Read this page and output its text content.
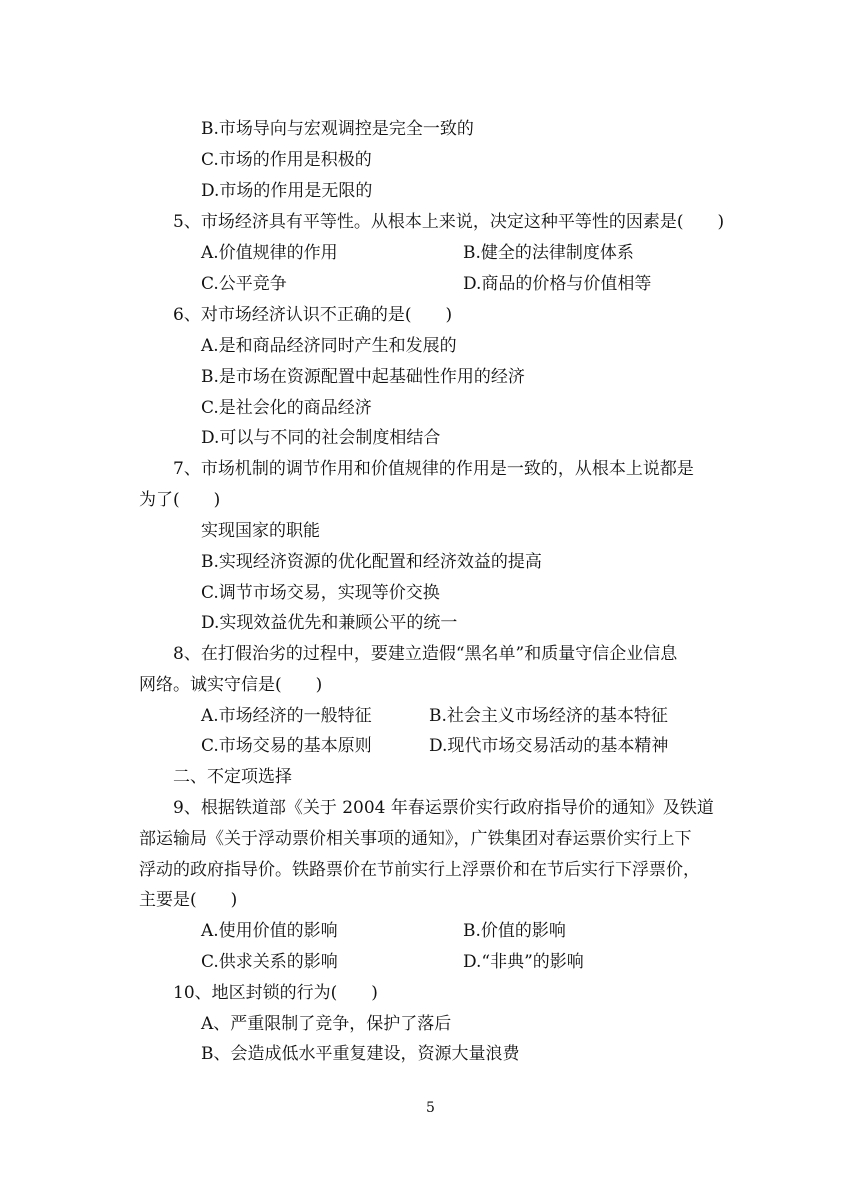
B.市场导向与宏观调控是完全一致的
C.市场的作用是积极的
D.市场的作用是无限的
5、市场经济具有平等性。从根本上来说，决定这种平等性的因素是(　　)
A.价值规律的作用	B.健全的法律制度体系
C.公平竞争	D.商品的价格与价值相等
6、对市场经济认识不正确的是(　　)
A.是和商品经济同时产生和发展的
B.是市场在资源配置中起基础性作用的经济
C.是社会化的商品经济
D.可以与不同的社会制度相结合
7、市场机制的调节作用和价值规律的作用是一致的，从根本上说都是
为了(　　)
实现国家的职能
B.实现经济资源的优化配置和经济效益的提高
C.调节市场交易，实现等价交换
D.实现效益优先和兼顾公平的统一
8、在打假治劣的过程中，要建立造假“黑名单”和质量守信企业信息
网络。诚实守信是(　　)
A.市场经济的一般特征	B.社会主义市场经济的基本特征
C.市场交易的基本原则	D.现代市场交易活动的基本精神
二、不定项选择
9、根据铁道部《关于 2004 年春运票价实行政府指导价的通知》及铁道
部运输局《关于浮动票价相关事项的通知》，广铁集团对春运票价实行上下
浮动的政府指导价。铁路票价在节前实行上浮票价和在节后实行下浮票价，
主要是(　　)
A.使用价值的影响	B.价值的影响
C.供求关系的影响	D.“非典”的影响
10、地区封锁的行为(　　)
A、严重限制了竞争，保护了落后
B、会造成低水平重复建设，资源大量浪费
5
